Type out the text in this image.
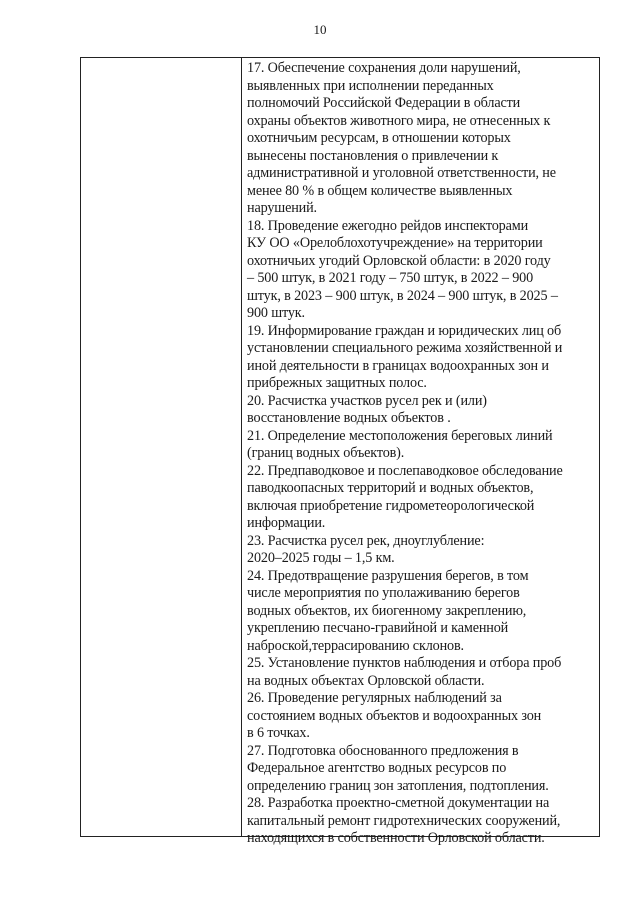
10

17. Обеспечение сохранения доли нарушений,
выявленных при исполнении переданных
полномочий Российской Федерации в области
охраны объектов животного мира, не отнесенных к
охотничьим ресурсам, в отношении которых
вынесены постановления о привлечении к
административной и уголовной ответственности, не
менее 80 % в общем количестве выявленных
нарушений.

18. Проведение ежегодно рейдов инспекторами
КУ ОО «Орелоблохотучреждение» на территории
охотничьих угодий Орловской области: в 2020 году
– 500 штук, в 2021 году – 750 штук, в 2022 – 900
штук, в 2023 – 900 штук, в 2024 – 900 штук, в 2025 –
900 штук.

19. Информирование граждан и юридических лиц об
установлении специального режима хозяйственной и
иной деятельности в границах водоохранных зон и
прибрежных защитных полос.

20. Расчистка участков русел рек и (или)
восстановление водных объектов .

21. Определение местоположения береговых линий
(границ водных объектов).

22. Предпаводковое и послепаводковое обследование
паводкоопасных территорий и водных объектов,
включая приобретение гидрометеорологической
информации.

23. Расчистка русел рек, дноуглубление:
2020–2025 годы – 1,5 км.

24. Предотвращение разрушения берегов, в том
числе мероприятия по уполаживанию берегов
водных объектов, их биогенному закреплению,
укреплению песчано-гравийной и каменной
наброской,террасированию склонов.

25. Установление пунктов наблюдения и отбора проб
на водных объектах Орловской области.

26. Проведение регулярных наблюдений за
состоянием водных объектов и водоохранных зон
в 6 точках.

27. Подготовка обоснованного предложения в
Федеральное агентство водных ресурсов по
определению границ зон затопления, подтопления.

28. Разработка проектно-сметной документации на
капитальный ремонт гидротехнических сооружений,
находящихся в собственности Орловской области.
